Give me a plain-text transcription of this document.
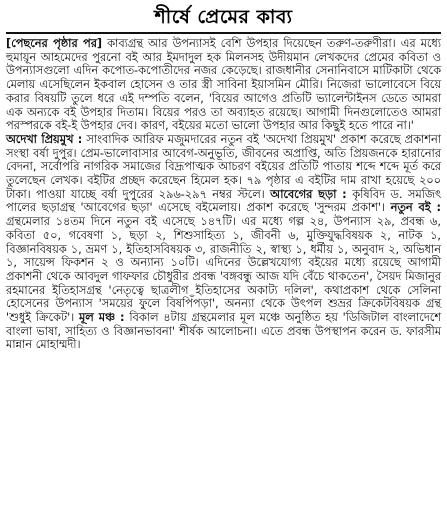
শীর্ষে প্রেমের কাব্য

[পেছনের পৃষ্ঠার পর] কাব্যগ্রন্থ আর উপন্যাসই বেশি উপহার দিয়েছেন তরুণ-তরুণীরা। এর মধ্যে হুমায়ূন আহমেদের পুরনো বই আর ইমদাদুল হক মিলনসহ উদীয়মান লেখকদের প্রেমের কবিতা ও উপন্যাসগুলো এদিন কপোত-কপোতীদের নজর কেড়েছে। রাজধানীর সেনানিবাসে মাটিকাটা থেকে মেলায় এসেছিলেন ইকবাল হোসেন ও তার স্ত্রী সাবিনা ইয়াসমিন মৌরি। নিজেরা ভালোবেসে বিয়ে করার বিষয়টি তুলে ধরে এই দম্পতি বলেন, 'বিয়ের আগেও প্রতিটি ভ্যালেন্টাইনস ডেতে আমরা এক অন্যকে বই উপহার দিতাম। বিয়ের পরও তা অব্যাহত রয়েছে। আগামী দিনগুলোতেও আমরা পরস্পরকে বই-ই উপহার দেব। কারণ, বইয়ের মতো ভালো উপহার আর কিছুই হতে পারে না।'

অদেখা প্রিয়মুখ : সাংবাদিক আরিফ মজুমদারের নতুন বই 'অদেখা প্রিয়মুখ' প্রকাশ করেছে প্রকাশনা সংস্থা বর্ষা দুপুর। প্রেম-ভালোবাসার আবেগ-অনুভূতি, জীবনের অপ্রাপ্তি, অতি প্রিয়জনকে হারানোর বেদনা, সর্বোপরি নাগরিক সমাজের বিদ্রূপাত্মক আচরণ বইয়ের প্রতিটি পাতায় শব্দে শব্দে মূর্ত করে তুলেছেন লেখক। বইটির প্রচ্ছদ করেছেন হিমেল হক। ৭৯ পৃষ্ঠার এ বইটির দাম রাখা হয়েছে ২০০ টাকা। পাওয়া যাচ্ছে বর্ষা দুপুরের ২৯৬-২৯৭ নম্বর স্টলে। আবেগের ছড়া : কৃষিবিদ ড. সমজিৎ পালের ছড়াগ্রন্থ 'আবেগের ছড়া' এসেছে বইমেলায়। প্রকাশ করেছে 'সুন্দরম প্রকাশ'। নতুন বই : গ্রন্থমেলার ১৪তম দিনে নতুন বই এসেছে ১৪৭টি। এর মধ্যে গল্প ২৪, উপন্যাস ২৯, প্রবন্ধ ৬, কবিতা ৫০, গবেষণা ১, ছড়া ২, শিশুসাহিত্য ১, জীবনী ৬, মুক্তিযুদ্ধবিষয়ক ২, নাটক ১, বিজ্ঞানবিষয়ক ১, ভ্রমণ ১, ইতিহাসবিষয়ক ৩, রাজনীতি ২, স্বাস্থ্য ১, ধর্মীয় ১, অনুবাদ ২, অভিধান ১, সায়েন্স ফিকশন ২ ও অন্যান্য ১০টি। এদিনের উল্লেখযোগ্য বইয়ের মধ্যে রয়েছে আগামী প্রকাশনী থেকে আবদুল গাফফার চৌধুরীর প্রবন্ধ 'বঙ্গবন্ধু আজ যদি বেঁচে থাকতেন', সৈয়দ মিজানুর রহমানের ইতিহাসগ্রন্থ 'নেতৃত্বে ছাত্রলীগ ইতিহাসের অকাট্য দলিল', কথাপ্রকাশ থেকে সেলিনা হোসেনের উপন্যাস 'সময়ের ফুলে বিষপিঁপড়া', অনন্যা থেকে উৎপল শুভ্রর ক্রিকেটবিষয়ক গ্রন্থ 'শুধুই ক্রিকেট'। মূল মঞ্চ : বিকাল ৪টায় গ্রন্থমেলার মূল মঞ্চে অনুষ্ঠিত হয় 'ডিজিটাল বাংলাদেশে বাংলা ভাষা, সাহিত্য ও বিজ্ঞানভাবনা' শীর্ষক আলোচনা। এতে প্রবন্ধ উপস্থাপন করেন ড. ফারসীম মান্নান মোহাম্মদী।
